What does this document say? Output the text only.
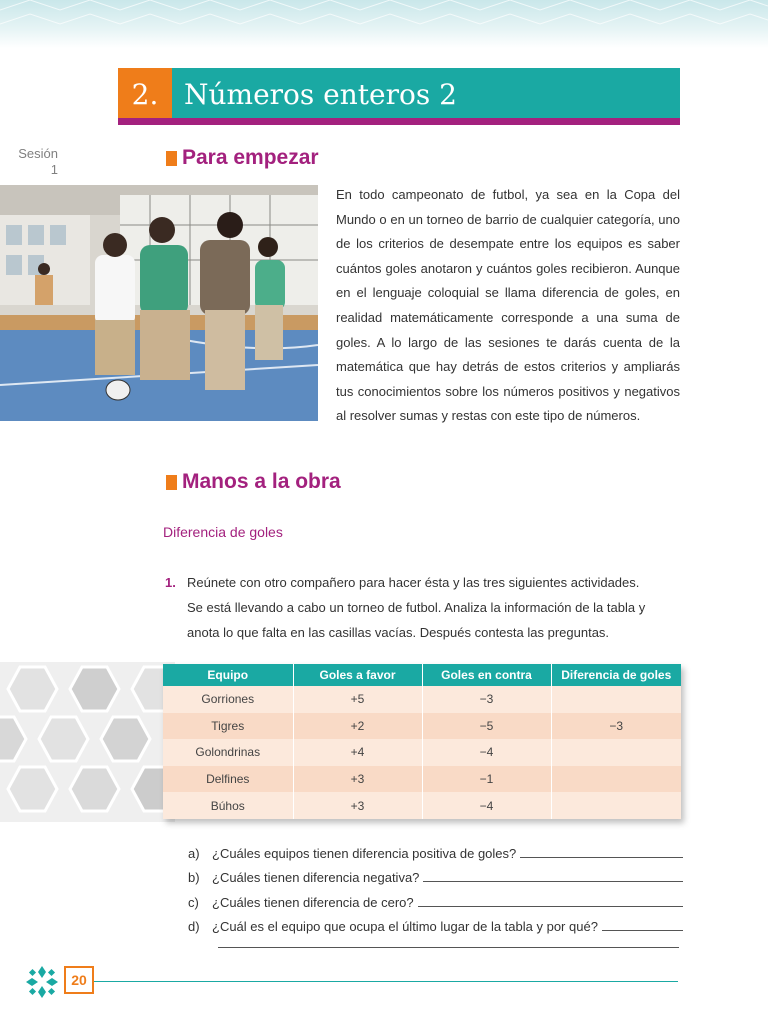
2. Números enteros 2
Sesión
1
Para empezar
En todo campeonato de futbol, ya sea en la Copa del Mundo o en un torneo de barrio de cualquier categoría, uno de los criterios de desempate entre los equipos es saber cuántos goles anotaron y cuántos goles recibieron. Aunque en el lenguaje coloquial se llama diferencia de goles, en realidad matemáticamente corresponde a una suma de goles. A lo largo de las sesiones te darás cuenta de la matemática que hay detrás de estos criterios y ampliarás tus conocimientos sobre los números positivos y negativos al resolver sumas y restas con este tipo de números.
Manos a la obra
Diferencia de goles
1. Reúnete con otro compañero para hacer ésta y las tres siguientes actividades.
Se está llevando a cabo un torneo de futbol. Analiza la información de la tabla y
anota lo que falta en las casillas vacías. Después contesta las preguntas.
Equipo	Goles a favor	Goles en contra	Diferencia de goles
Gorriones	+5	−3	
Tigres	+2	−5	−3
Golondrinas	+4	−4	
Delfines	+3	−1	
Búhos	+3	−4	
a) ¿Cuáles equipos tienen diferencia positiva de goles?
b) ¿Cuáles tienen diferencia negativa?
c)	¿Cuáles tienen diferencia de cero?
d) ¿Cuál es el equipo que ocupa el último lugar de la tabla y por qué?
20
